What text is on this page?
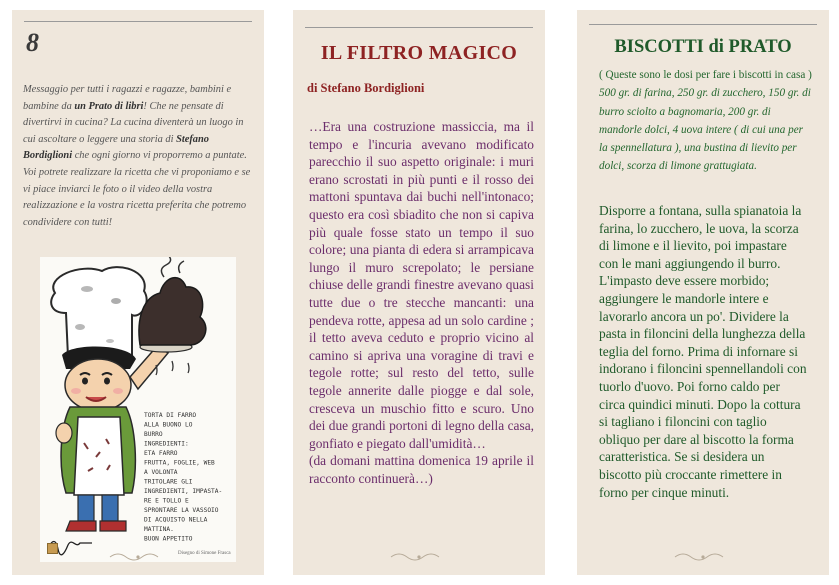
8
Messaggio per tutti i ragazzi e ragazze, bambini e bambine da un Prato di libri! Che ne pensate di divertirvi in cucina? La cucina diventerà un luogo in cui ascoltare o leggere una storia di Stefano Bordiglioni che ogni giorno vi proporremo a puntate. Voi potrete realizzare la ricetta che vi proponiamo e se vi piace inviarci le foto o il video della vostra realizzazione e la vostra ricetta preferita che potremo condividere con tutti!
TORTA DI FARRO
ALLA BUONO LO
BURRO
INGREDIENTI:
ETA FARRO
FRUTTA, FOGLIE, WEB
A VOLONTA
TRITOLARE GLI
INGREDIENTI, IMPASTA-
RE E TOLLO E
SPRONTARE LA VASSOIO
DI ACQUISTO NELLA
MATTINA.
BUON APPETITO
Disegno di Simone Frasca
IL FILTRO MAGICO
di Stefano Bordiglioni

…Era una costruzione massiccia, ma il tempo e l'incuria avevano modificato parecchio il suo aspetto originale: i muri erano scrostati in più punti e il rosso dei mattoni spuntava dai buchi nell'intonaco; questo era così sbiadito che non si capiva più quale fosse stato un tempo il suo colore; una pianta di edera si arrampicava lungo il muro screpolato; le persiane chiuse delle grandi finestre avevano quasi tutte due o tre stecche mancanti: una pendeva rotte, appesa ad un solo cardine ; il tetto aveva ceduto e proprio vicino al camino si apriva una voragine di travi e tegole rotte; sul resto del tetto, sulle tegole annerite dalle piogge e dal sole, cresceva un muschio fitto e scuro. Uno dei due grandi portoni di legno della casa, gonfiato e piegato dall'umidità…

(da domani mattina domenica 19 aprile il racconto continuerà…)

BISCOTTI di PRATO
( Queste sono le dosi per fare i biscotti in casa ) 500 gr. di farina, 250 gr. di zucchero, 150 gr. di burro sciolto a bagnomaria, 200 gr. di mandorle dolci, 4 uova intere ( di cui una per la spennellatura ), una bustina di lievito per dolci, scorza di limone grattugiata.
Disporre a fontana, sulla spianatoia la farina, lo zucchero, le uova, la scorza di limone e il lievito, poi impastare con le mani aggiungendo il burro. L'impasto deve essere morbido; aggiungere le mandorle intere e lavorarlo ancora un po'. Dividere la pasta in filoncini della lunghezza della teglia del forno. Prima di infornare si indorano i filoncini spennellandoli con tuorlo d'uovo. Poi forno caldo per circa quindici minuti. Dopo la cottura si tagliano i filoncini con taglio obliquo per dare al biscotto la forma caratteristica. Se si desidera un biscotto più croccante rimettere in forno per cinque minuti.
